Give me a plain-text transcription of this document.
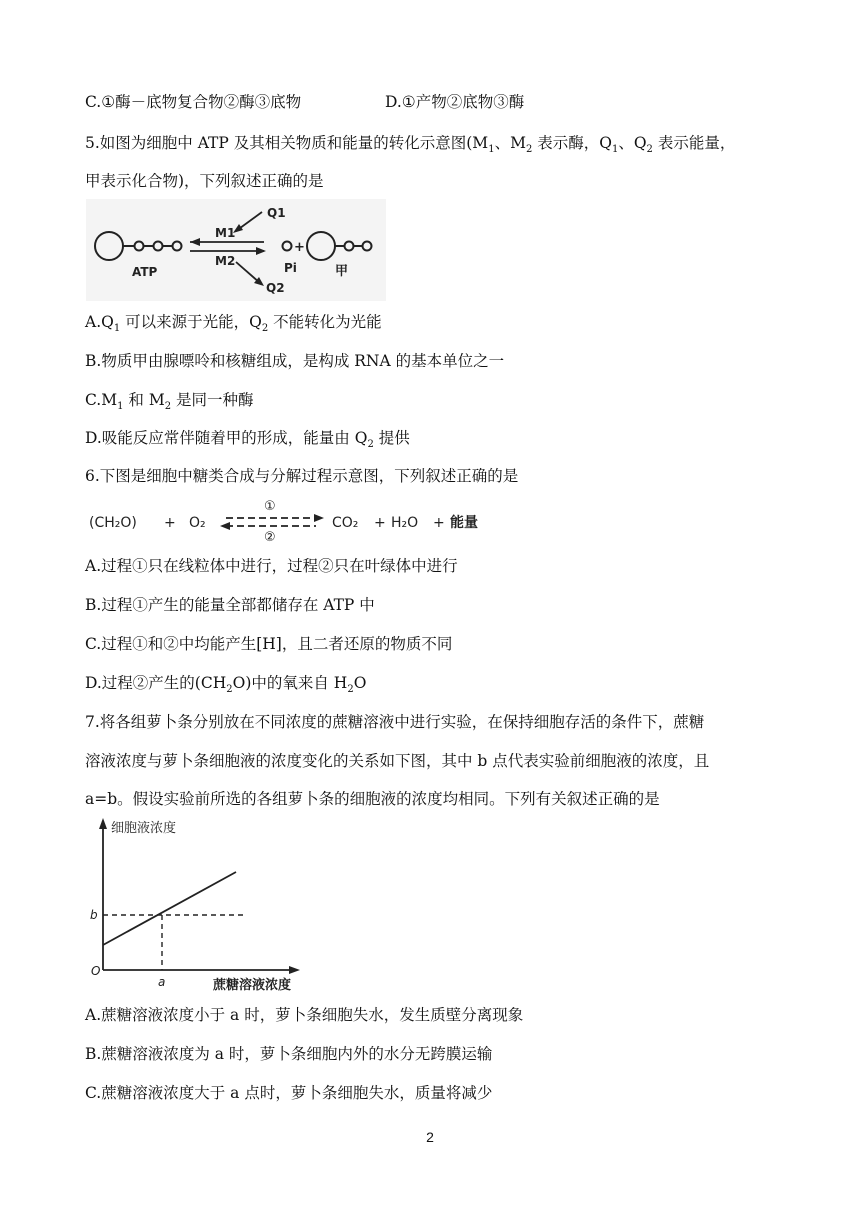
C.①酶－底物复合物②酶③底物	D.①产物②底物③酶
5.如图为细胞中 ATP 及其相关物质和能量的转化示意图($M_1$、$M_2$ 表示酶，$Q_1$、$Q_2$ 表示能量，
甲表示化合物)，下列叙述正确的是
ATP
M1
M2
Q1
Q2
+
Pi	甲
$A.Q_1$ 可以来源于光能，$Q_2$ 不能转化为光能
B.物质甲由腺嘌呤和核糖组成，是构成 RNA 的基本单位之一
$C.M_1$ 和 $M_2$ 是同一种酶
D.吸能反应常伴随着甲的形成，能量由 $Q_2$ 提供
6.下图是细胞中糖类合成与分解过程示意图，下列叙述正确的是
(CH₂O) + O₂
①
②
CO₂ + H₂O + 能量
A.过程①只在线粒体中进行，过程②只在叶绿体中进行
B.过程①产生的能量全部都储存在 ATP 中
C.过程①和②中均能产生[H]，且二者还原的物质不同
D.过程②产生的$(CH_2O)$中的氧来自 $H_2O$
7.将各组萝卜条分别放在不同浓度的蔗糖溶液中进行实验，在保持细胞存活的条件下，蔗糖
溶液浓度与萝卜条细胞液的浓度变化的关系如下图，其中 b 点代表实验前细胞液的浓度，且
a=b。假设实验前所选的各组萝卜条的细胞液的浓度均相同。下列有关叙述正确的是
细胞液浓度
b
a
O
蔗糖溶液浓度
A.蔗糖溶液浓度小于 a 时，萝卜条细胞失水，发生质壁分离现象
B.蔗糖溶液浓度为 a 时，萝卜条细胞内外的水分无跨膜运输
C.蔗糖溶液浓度大于 a 点时，萝卜条细胞失水，质量将减少
2
